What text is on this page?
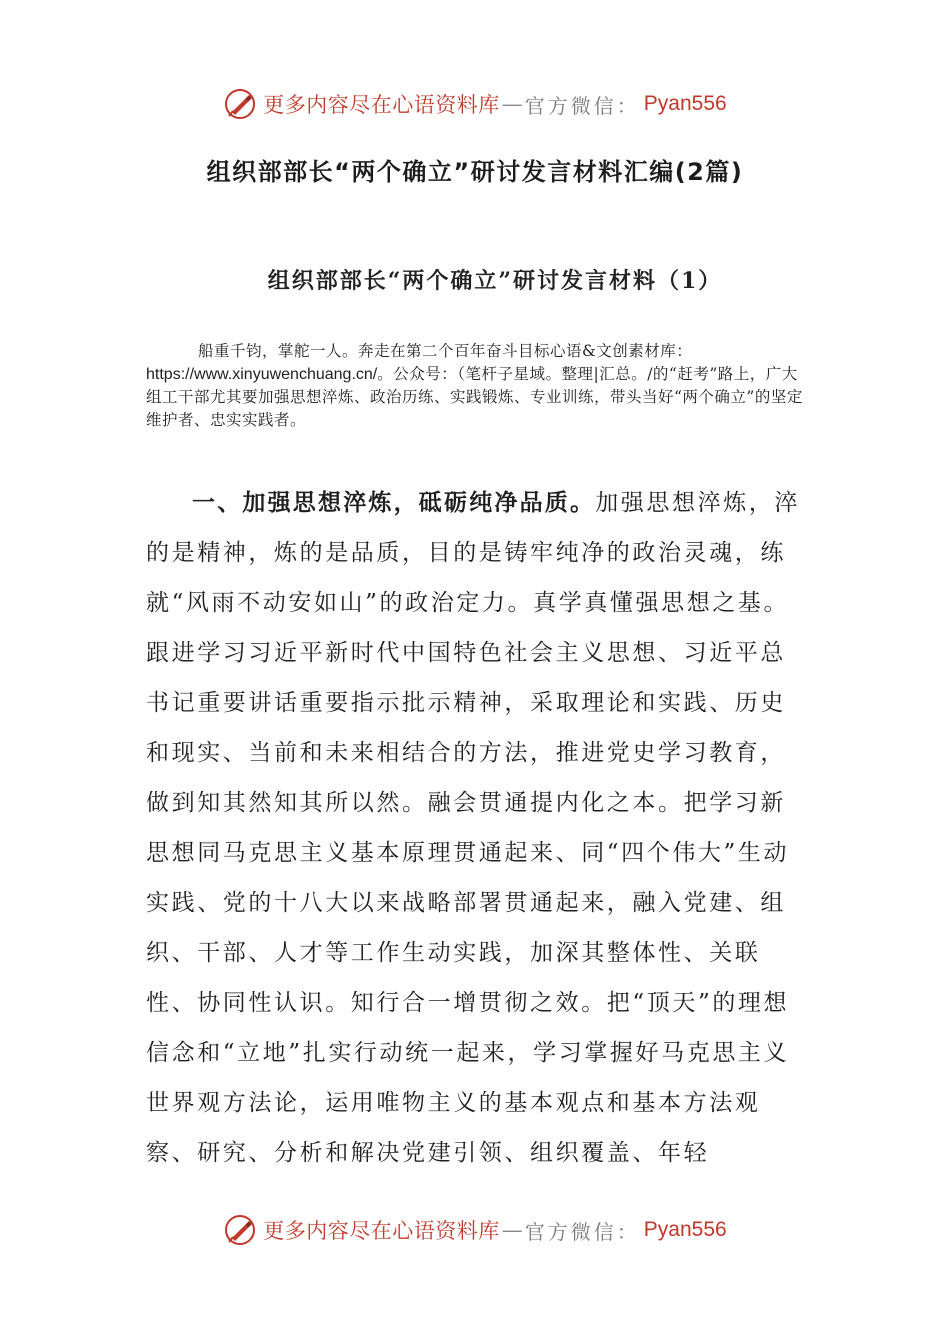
更多内容尽在心语资料库 — 官方微信： Pyan556
组织部部长“两个确立”研讨发言材料汇编(2篇)
组织部部长“两个确立”研讨发言材料（1）

船重千钧，掌舵一人。奔走在第二个百年奋斗目标心语&文创素材库：https://www.xinyuwenchuang.cn/。公众号：（笔杆子星域。整理|汇总。/的“赶考”路上，广大组工干部尤其要加强思想淬炼、政治历练、实践锻炼、专业训练，带头当好“两个确立”的坚定维护者、忠实实践者。

一、加强思想淬炼，砥砺纯净品质。加强思想淬炼，淬的是精神，炼的是品质，目的是铸牢纯净的政治灵魂，练就“风雨不动安如山”的政治定力。真学真懂强思想之基。跟进学习习近平新时代中国特色社会主义思想、习近平总书记重要讲话重要指示批示精神，采取理论和实践、历史和现实、当前和未来相结合的方法，推进党史学习教育，做到知其然知其所以然。融会贯通提内化之本。把学习新思想同马克思主义基本原理贯通起来、同“四个伟大”生动实践、党的十八大以来战略部署贯通起来，融入党建、组织、干部、人才等工作生动实践，加深其整体性、关联性、协同性认识。知行合一增贯彻之效。把“顶天”的理想信念和“立地”扎实行动统一起来，学习掌握好马克思主义世界观方法论，运用唯物主义的基本观点和基本方法观察、研究、分析和解决党建引领、组织覆盖、年轻

更多内容尽在心语资料库 — 官方微信： Pyan556
